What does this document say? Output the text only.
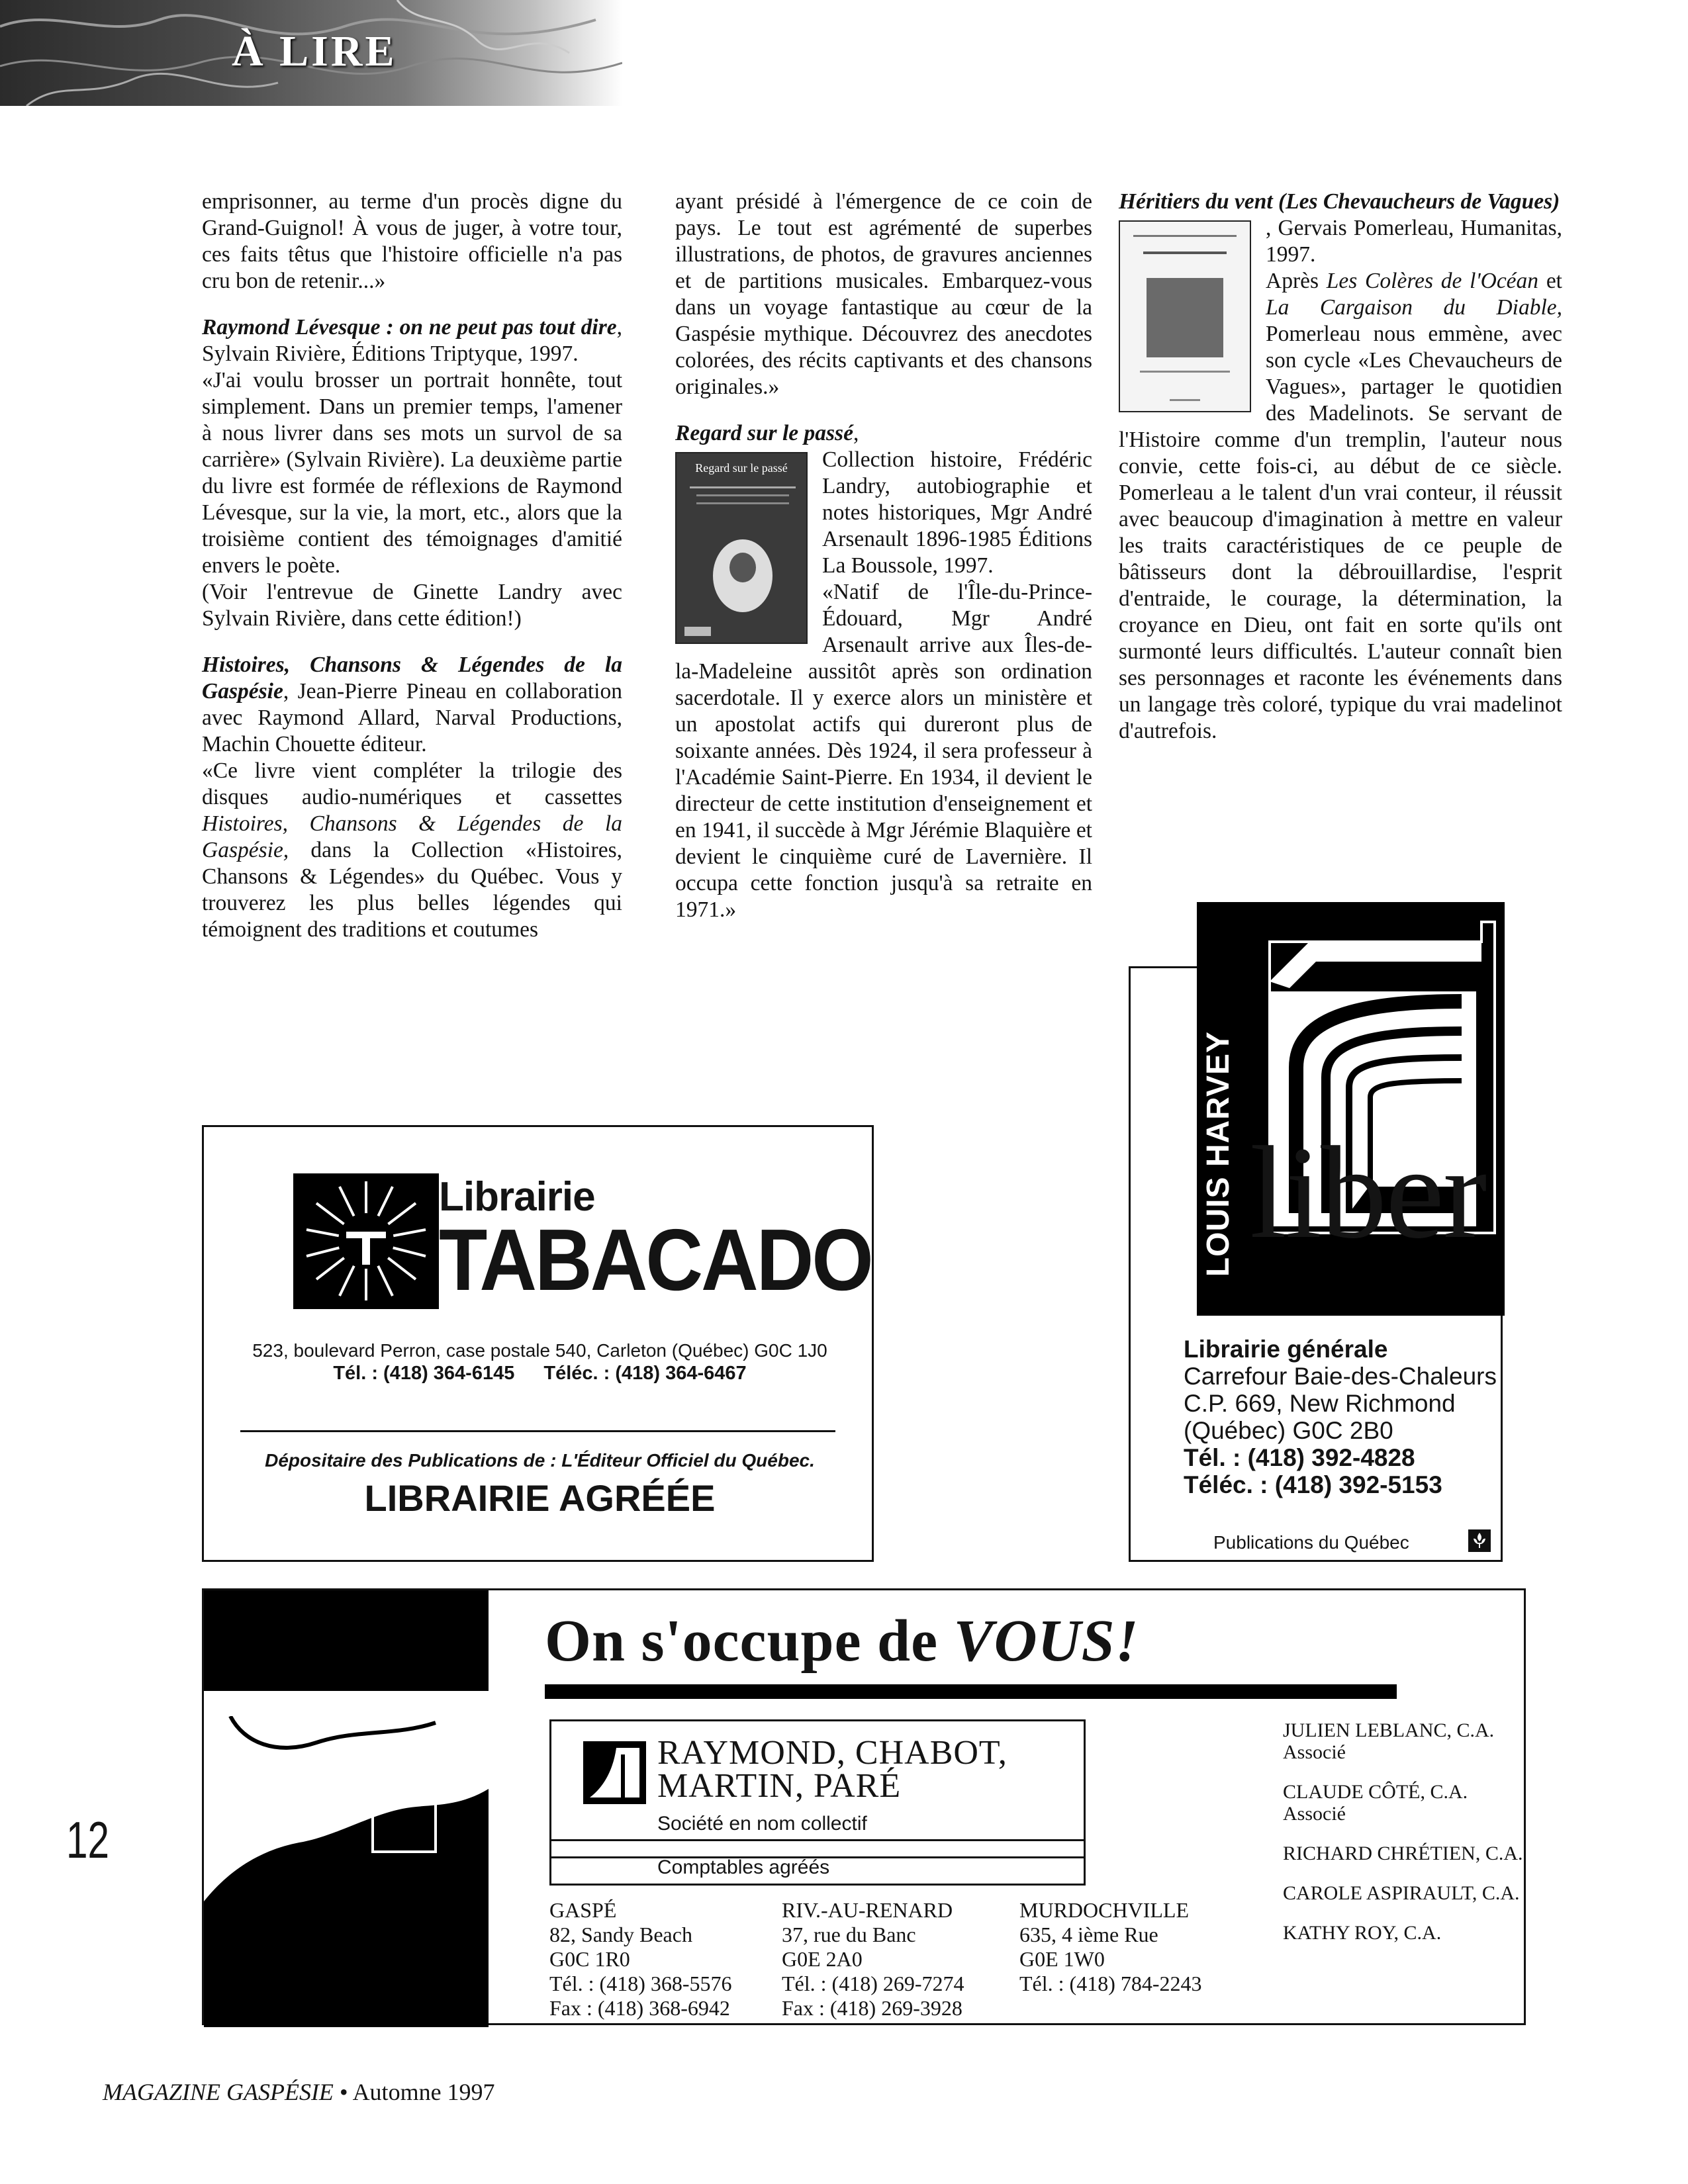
À LIRE

emprisonner, au terme d'un procès digne du Grand-Guignol! À vous de juger, à votre tour, ces faits têtus que l'histoire officielle n'a pas cru bon de retenir...»

Raymond Lévesque : on ne peut pas tout dire, Sylvain Rivière, Éditions Triptyque, 1997.

«J'ai voulu brosser un portrait honnête, tout simplement. Dans un premier temps, l'amener à nous livrer dans ses mots un survol de sa carrière» (Sylvain Rivière). La deuxième partie du livre est formée de réflexions de Raymond Lévesque, sur la vie, la mort, etc., alors que la troisième contient des témoignages d'amitié envers le poète.

(Voir l'entrevue de Ginette Landry avec Sylvain Rivière, dans cette édition!)

Histoires, Chansons & Légendes de la Gaspésie, Jean-Pierre Pineau en collaboration avec Raymond Allard, Narval Productions, Machin Chouette éditeur.

«Ce livre vient compléter la trilogie des disques audio-numériques et cassettes Histoires, Chansons & Légendes de la Gaspésie, dans la Collection «Histoires, Chansons & Légendes» du Québec. Vous y trouverez les plus belles légendes qui témoignent des traditions et coutumes

ayant présidé à l'émergence de ce coin de pays. Le tout est agrémenté de superbes illustrations, de photos, de gravures anciennes et de partitions musicales. Embarquez-vous dans un voyage fantastique au cœur de la Gaspésie mythique. Découvrez des anecdotes colorées, des récits captivants et des chansons originales.»

Regard sur le passé,

Regard sur le passé	Collection histoire, Frédéric Landry, autobiographie et notes historiques, Mgr André Arsenault 1896-1985 Éditions La Boussole, 1997.

«Natif de l'Île-du-Prince-Édouard, Mgr André Arsenault arrive aux Îles-de-la-Madeleine aussitôt après son ordination sacerdotale. Il y exerce alors un ministère et un apostolat actifs qui dureront plus de soixante années. Dès 1924, il sera professeur à l'Académie Saint-Pierre. En 1934, il devient le directeur de cette institution d'enseignement et en 1941, il succède à Mgr Jérémie Blaquière et devient le cinquième curé de Lavernière. Il occupa cette fonction jusqu'à sa retraite en 1971.»

Héritiers du vent (Les Chevaucheurs de Vagues)

, Gervais Pomerleau, Humanitas, 1997.

Après Les Colères de l'Océan et La Cargaison du Diable, Pomerleau nous emmène, avec son cycle «Les Chevaucheurs de Vagues», partager le quotidien des Madelinots. Se servant de l'Histoire comme d'un tremplin, l'auteur nous convie, cette fois-ci, au début de ce siècle. Pomerleau a le talent d'un vrai conteur, il réussit avec beaucoup d'imagination à mettre en valeur les traits caractéristiques de ce peuple de bâtisseurs dont la débrouillardise, l'esprit d'entraide, le courage, la détermination, la croyance en Dieu, ont fait en sorte qu'ils ont surmonté leurs difficultés. L'auteur connaît bien ses personnages et raconte les événements dans un langage très coloré, typique du vrai madelinot d'autrefois.

Librairie
TABACADO
523, boulevard Perron, case postale 540, Carleton (Québec) G0C 1J0
Tél. : (418) 364-6145 Téléc. : (418) 364-6467
Dépositaire des Publications de : L'Éditeur Officiel du Québec.
LIBRAIRIE AGRÉÉE
LOUIS HARVEY liber
Librairie générale
Carrefour Baie-des-Chaleurs
C.P. 669, New Richmond
(Québec) G0C 2B0
Tél. : (418) 392-4828
Téléc. : (418) 392-5153
Publications du Québec
On s'occupe de VOUS!
RAYMOND, CHABOT,
MARTIN, PARÉ
Société en nom collectif
Comptables agréés
GASPÉ
82, Sandy Beach
G0C 1R0
Tél. : (418) 368-5576
Fax : (418) 368-6942
RIV.-AU-RENARD
37, rue du Banc
G0E 2A0
Tél. : (418) 269-7274
Fax : (418) 269-3928
MURDOCHVILLE
635, 4 ième Rue
G0E 1W0
Tél. : (418) 784-2243
JULIEN LEBLANC, C.A.
Associé
CLAUDE CÔTÉ, C.A.
Associé
RICHARD CHRÉTIEN, C.A.
CAROLE ASPIRAULT, C.A.
KATHY ROY, C.A.
12
MAGAZINE GASPÉSIE • Automne 1997
